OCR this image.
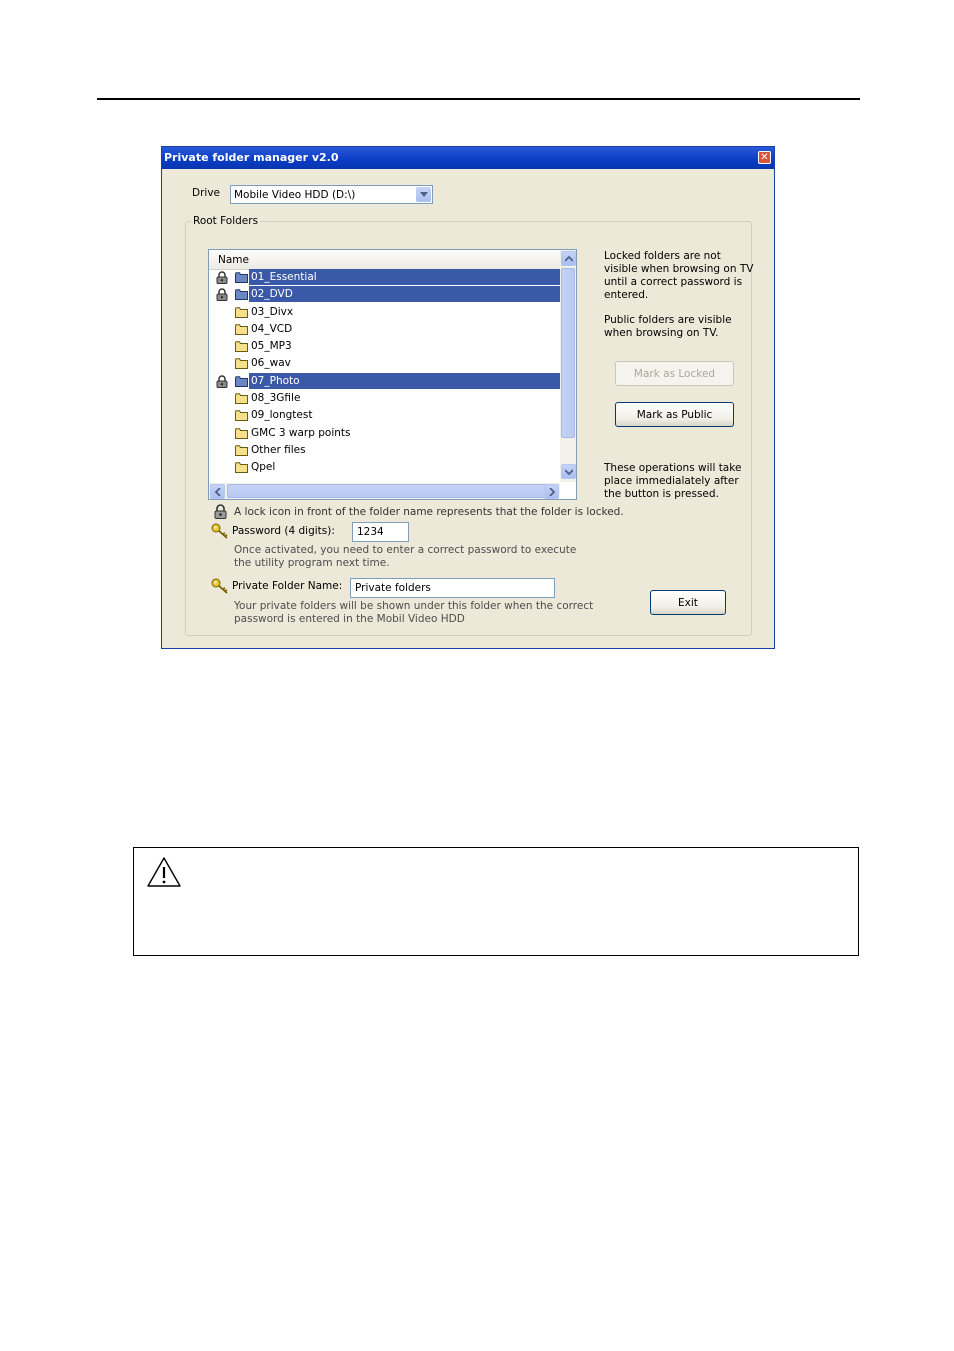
Private folder manager v2.0	✕
Drive Mobile Video HDD (D:\)
Root Folders
Name
01_Essential
02_DVD
03_Divx
04_VCD
05_MP3
06_wav
07_Photo
08_3Gfile
09_longtest
GMC 3 warp points
Other files
Qpel
Locked folders are not visible when browsing on TV until a correct password is entered.
Public folders are visible when browsing on TV.
Mark as Locked
Mark as Public
These operations will take place immedialately after the button is pressed.
A lock icon in front of the folder name represents that the folder is locked.
Password (4 digits):
1234
Once activated, you need to enter a correct password to execute the utility program next time.
Private Folder Name:
Private folders
Your private folders will be shown under this folder when the correct password is entered in the Mobil Video HDD
Exit
